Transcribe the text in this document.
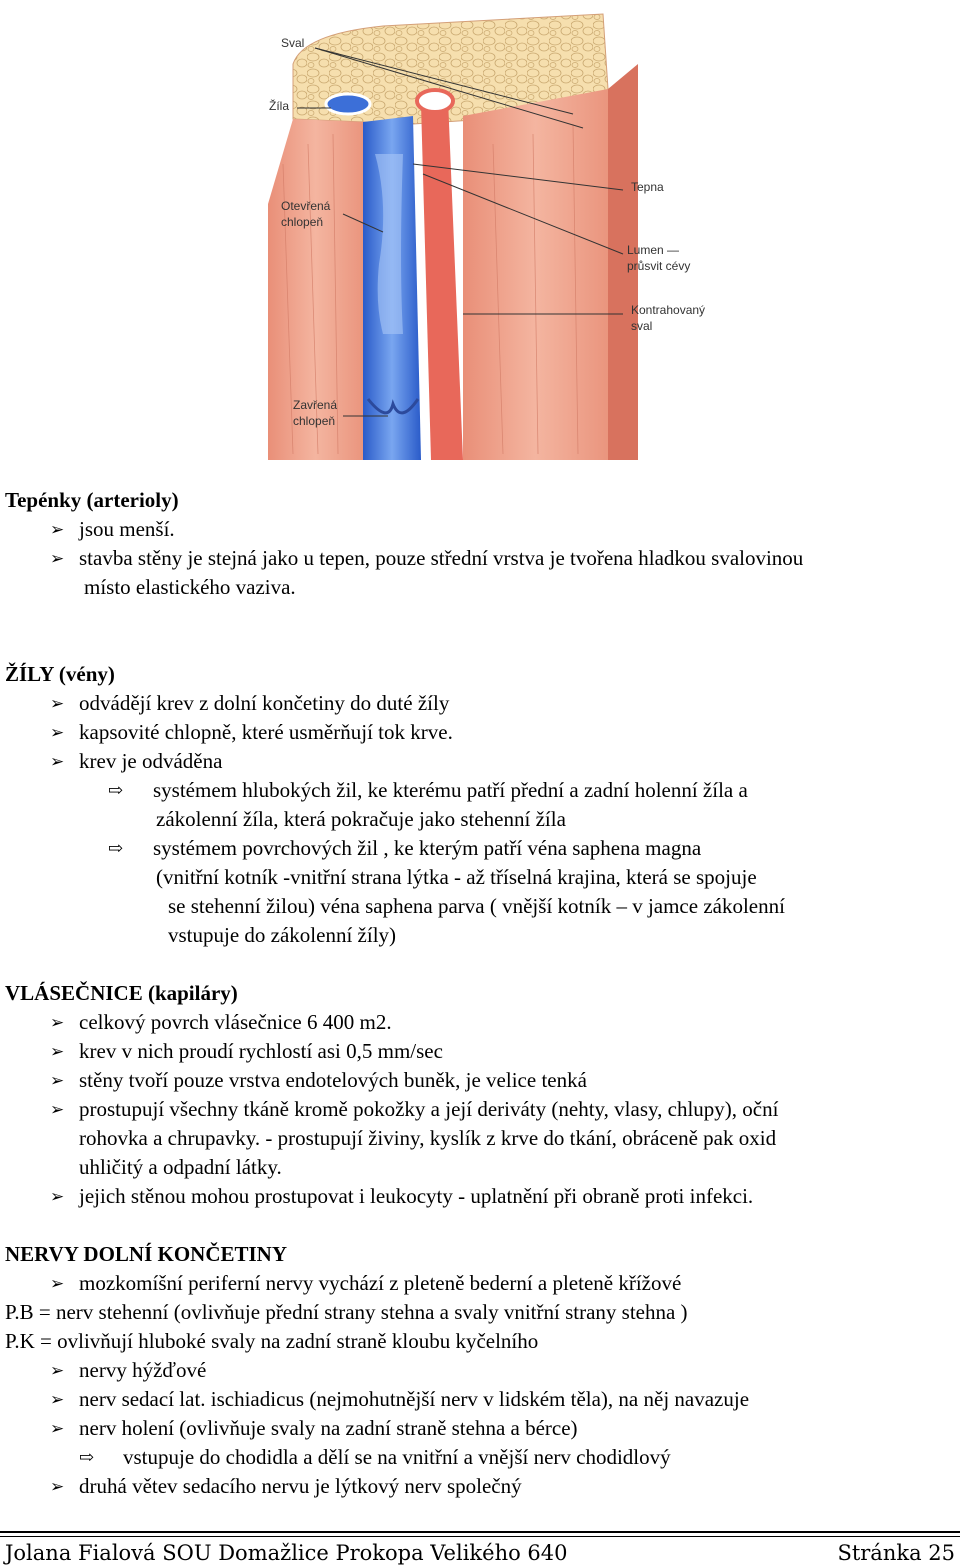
Sval
Žíla
Otevřená
chlopeň
Tepna
Lumen —
průsvit cévy
Kontrahovaný
sval
Zavřená
chlopeň
Tepénky (arterioly)
➢ jsou menší.
➢ stavba stěny je stejná jako u tepen, pouze střední vrstva je tvořena hladkou svalovinou
místo elastického vaziva.
ŽÍLY (vény)
➢ odvádějí krev z dolní končetiny do duté žíly
➢ kapsovité chlopně, které usměrňují tok krve.
➢ krev je odváděna
⇨ systémem hlubokých žil, ke kterému patří přední a zadní holenní žíla a
zákolenní žíla, která pokračuje jako stehenní žíla
⇨ systémem povrchových žil , ke kterým patří véna saphena magna
(vnitřní kotník -vnitřní strana lýtka - až tříselná krajina, která se spojuje
se stehenní žilou) véna saphena parva ( vnější kotník – v jamce zákolenní
vstupuje do zákolenní žíly)
VLÁSEČNICE (kapiláry)
➢ celkový povrch vlásečnice 6 400 m2.
➢ krev v nich proudí rychlostí asi 0,5 mm/sec
➢ stěny tvoří pouze vrstva endotelových buněk, je velice tenká
➢ prostupují všechny tkáně kromě pokožky a její deriváty (nehty, vlasy, chlupy), oční
rohovka a chrupavky. - prostupují živiny, kyslík z krve do tkání, obráceně pak oxid
uhličitý a odpadní látky.
➢ jejich stěnou mohou prostupovat i leukocyty - uplatnění při obraně proti infekci.
NERVY DOLNÍ KONČETINY
➢ mozkomíšní periferní nervy vychází z pleteně bederní a pleteně křížové
P.B = nerv stehenní (ovlivňuje přední strany stehna a svaly vnitřní strany stehna )
P.K = ovlivňují hluboké svaly na zadní straně kloubu kyčelního
➢ nervy hýžďové
➢ nerv sedací lat. ischiadicus (nejmohutnější nerv v lidském těla), na něj navazuje
➢ nerv holení (ovlivňuje svaly na zadní straně stehna a bérce)
⇨ vstupuje do chodidla a dělí se na vnitřní a vnější nerv chodidlový
➢ druhá větev sedacího nervu je lýtkový nerv společný
Jolana Fialová SOU Domažlice Prokopa Velikého 640	Stránka 25
